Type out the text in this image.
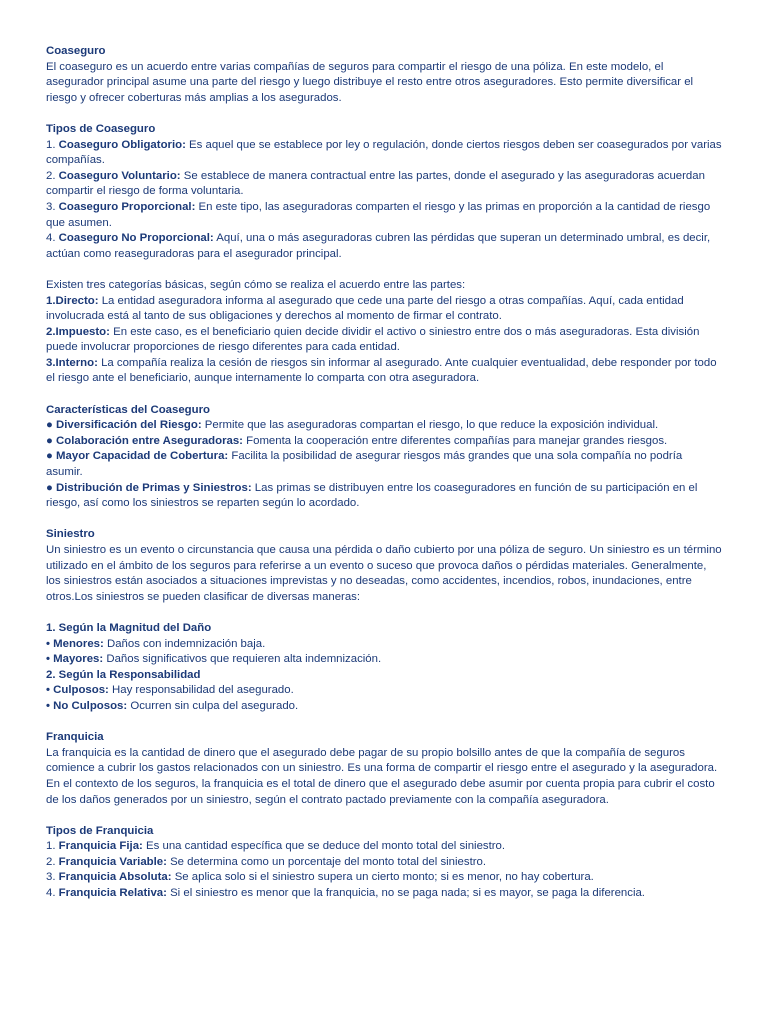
Coaseguro

El coaseguro es un acuerdo entre varias compañías de seguros para compartir el riesgo de una póliza. En este modelo, el asegurador principal asume una parte del riesgo y luego distribuye el resto entre otros aseguradores. Esto permite diversificar el riesgo y ofrecer coberturas más amplias a los asegurados.

Tipos de Coaseguro

1. Coaseguro Obligatorio: Es aquel que se establece por ley o regulación, donde ciertos riesgos deben ser coasegurados por varias compañías.

2. Coaseguro Voluntario: Se establece de manera contractual entre las partes, donde el asegurado y las aseguradoras acuerdan compartir el riesgo de forma voluntaria.

3. Coaseguro Proporcional: En este tipo, las aseguradoras comparten el riesgo y las primas en proporción a la cantidad de riesgo que asumen.

4. Coaseguro No Proporcional: Aquí, una o más aseguradoras cubren las pérdidas que superan un determinado umbral, es decir, actúan como reaseguradoras para el asegurador principal.

Existen tres categorías básicas, según cómo se realiza el acuerdo entre las partes:

1.Directo: La entidad aseguradora informa al asegurado que cede una parte del riesgo a otras compañías. Aquí, cada entidad involucrada está al tanto de sus obligaciones y derechos al momento de firmar el contrato.

2.Impuesto: En este caso, es el beneficiario quien decide dividir el activo o siniestro entre dos o más aseguradoras. Esta división puede involucrar proporciones de riesgo diferentes para cada entidad.

3.Interno: La compañía realiza la cesión de riesgos sin informar al asegurado. Ante cualquier eventualidad, debe responder por todo el riesgo ante el beneficiario, aunque internamente lo comparta con otra aseguradora.

Características del Coaseguro

● Diversificación del Riesgo: Permite que las aseguradoras compartan el riesgo, lo que reduce la exposición individual.

● Colaboración entre Aseguradoras: Fomenta la cooperación entre diferentes compañías para manejar grandes riesgos.

● Mayor Capacidad de Cobertura: Facilita la posibilidad de asegurar riesgos más grandes que una sola compañía no podría asumir.

● Distribución de Primas y Siniestros: Las primas se distribuyen entre los coaseguradores en función de su participación en el riesgo, así como los siniestros se reparten según lo acordado.

Siniestro

Un siniestro es un evento o circunstancia que causa una pérdida o daño cubierto por una póliza de seguro. Un siniestro es un término utilizado en el ámbito de los seguros para referirse a un evento o suceso que provoca daños o pérdidas materiales. Generalmente, los siniestros están asociados a situaciones imprevistas y no deseadas, como accidentes, incendios, robos, inundaciones, entre otros.Los siniestros se pueden clasificar de diversas maneras:

1. Según la Magnitud del Daño

• Menores: Daños con indemnización baja.

• Mayores: Daños significativos que requieren alta indemnización.

2. Según la Responsabilidad

• Culposos: Hay responsabilidad del asegurado.

• No Culposos: Ocurren sin culpa del asegurado.

Franquicia

La franquicia es la cantidad de dinero que el asegurado debe pagar de su propio bolsillo antes de que la compañía de seguros comience a cubrir los gastos relacionados con un siniestro. Es una forma de compartir el riesgo entre el asegurado y la aseguradora. En el contexto de los seguros, la franquicia es el total de dinero que el asegurado debe asumir por cuenta propia para cubrir el costo de los daños generados por un siniestro, según el contrato pactado previamente con la compañía aseguradora.

Tipos de Franquicia

1. Franquicia Fija: Es una cantidad específica que se deduce del monto total del siniestro.

2. Franquicia Variable: Se determina como un porcentaje del monto total del siniestro.

3. Franquicia Absoluta: Se aplica solo si el siniestro supera un cierto monto; si es menor, no hay cobertura.

4. Franquicia Relativa: Si el siniestro es menor que la franquicia, no se paga nada; si es mayor, se paga la diferencia.
